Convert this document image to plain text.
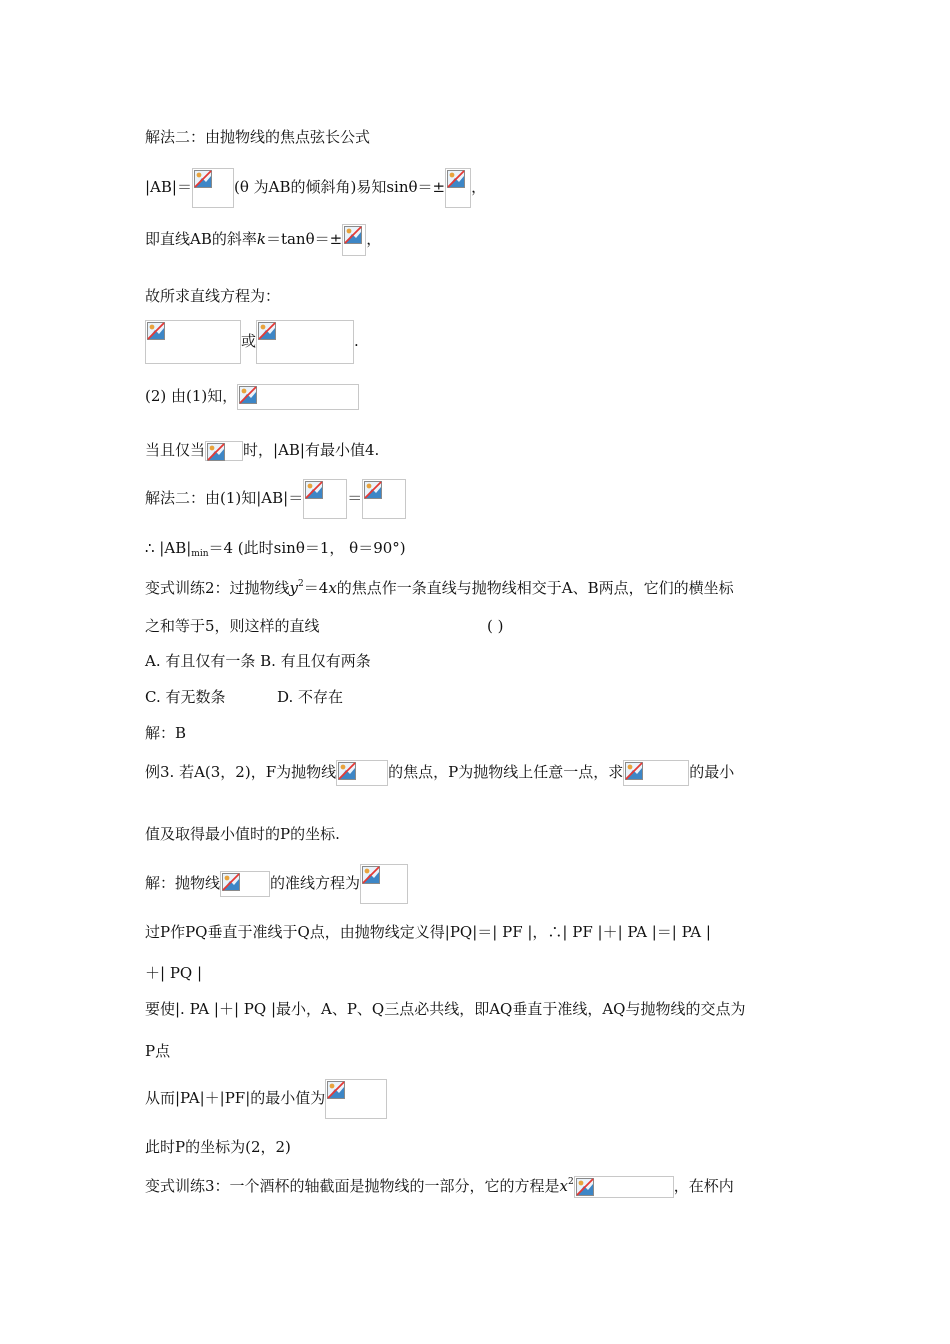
解法二：由抛物线的焦点弦长公式
|AB|＝	(θ 为AB的倾斜角)易知sinθ＝± ，
即直线AB的斜率k＝tanθ＝± ，
故所求直线方程为：
或	.
(2) 由(1)知，
当且仅当	时，|AB|有最小值4.
解法二：由(1)知|AB|＝	＝
∴ $|AB|_{min}=4$ (此时sinθ＝1， θ＝90°)
变式训练2：过抛物线$y^2=4x$的焦点作一条直线与抛物线相交于A、B两点，它们的横坐标
之和等于5，则这样的直线	( )
A. 有且仅有一条 B. 有且仅有两条
C. 有无数条	D. 不存在
解：B
例3. 若A(3，2)，F为抛物线	的焦点，P为抛物线上任意一点，求	的最小
值及取得最小值时的P的坐标.
解：抛物线	的准线方程为
过P作PQ垂直于准线于Q点，由抛物线定义得|PQ|＝| PF |，∴| PF |＋| PA |＝| PA |
＋| PQ |
要使|. PA |＋| PQ |最小，A、P、Q三点必共线，即AQ垂直于准线，AQ与抛物线的交点为
P点
从而|PA|＋|PF|的最小值为
此时P的坐标为(2，2)
变式训练3：一个酒杯的轴截面是抛物线的一部分，它的方程是$x^2$	，在杯内
